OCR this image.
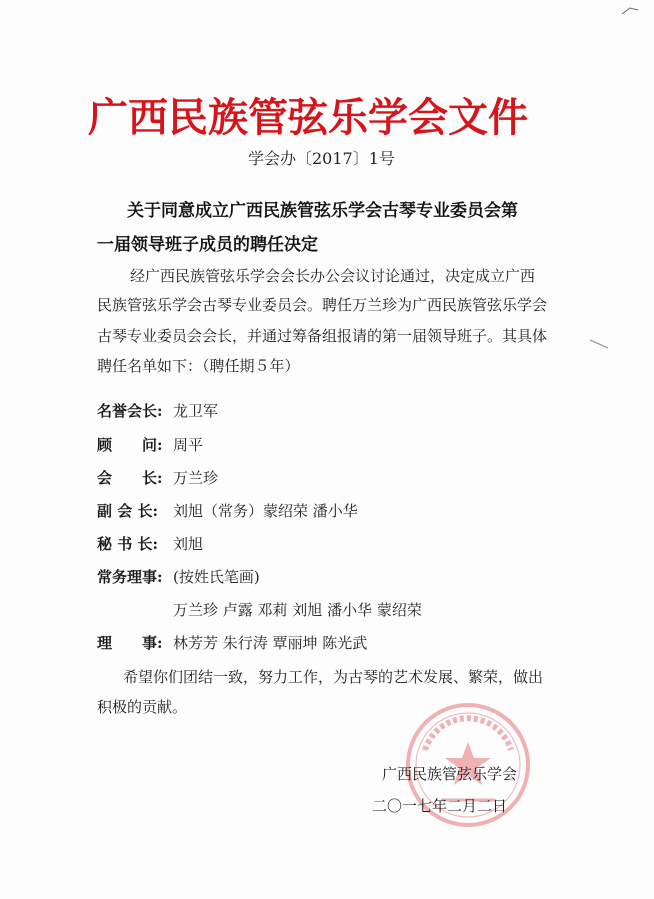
广西民族管弦乐学会文件
学会办〔2017〕1号
关于同意成立广西民族管弦乐学会古琴专业委员会第
一届领导班子成员的聘任决定
经广西民族管弦乐学会会长办公会议讨论通过，决定成立广西
民族管弦乐学会古琴专业委员会。聘任万兰珍为广西民族管弦乐学会
古琴专业委员会会长，并通过筹备组报请的第一届领导班子。其具体
聘任名单如下：（聘任期５年）
名誉会长: 龙卫军
顾　　问: 周平
会　　长: 万兰珍
副 会 长: 刘旭（常务）蒙绍荣 潘小华
秘 书 长: 刘旭
常务理事: (按姓氏笔画)
万兰珍 卢露 邓莉 刘旭 潘小华 蒙绍荣
理　　事: 林芳芳 朱行涛 覃丽坤 陈光武
希望你们团结一致，努力工作，为古琴的艺术发展、繁荣，做出
积极的贡献。
广西民族管弦乐学会
二〇一七年二月二日
